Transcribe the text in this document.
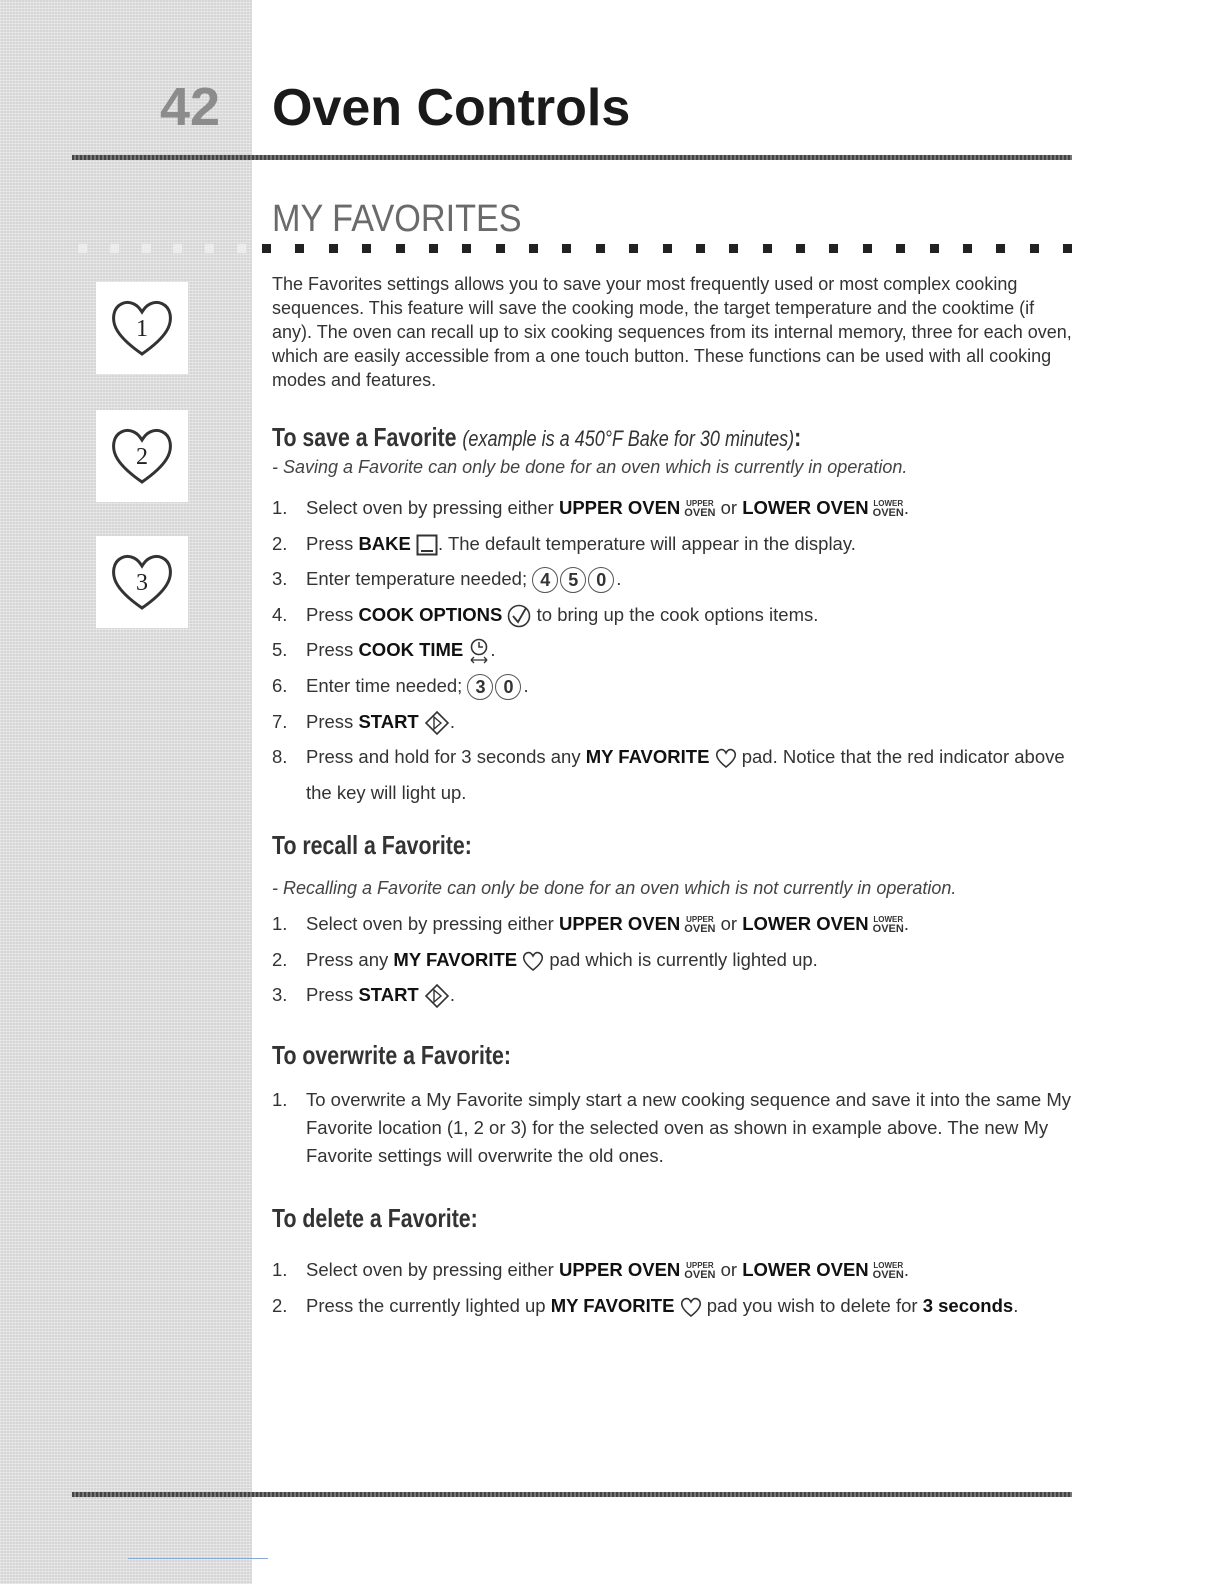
42 Oven Controls
MY FAVORITES
1
2
3
The Favorites settings allows you to save your most frequently used or most complex cooking sequences. This feature will save the cooking mode, the target temperature and the cooktime (if any). The oven can recall up to six cooking sequences from its internal memory, three for each oven, which are easily accessible from a one touch button. These functions can be used with all cooking modes and features.
To save a Favorite (example is a 450°F Bake for 30 minutes):
- Saving a Favorite can only be done for an oven which is currently in operation.
1. Select oven by pressing either UPPER OVEN UPPER
OVEN or LOWER OVEN LOWER
OVEN .
2. Press BAKE . The default temperature will appear in the display.
3. Enter temperature needed; 4 5 0 .
4. Press COOK OPTIONS  to bring up the cook options items.
5. Press COOK TIME .
6. Enter time needed; 3 0 .
7. Press START .
8. Press and hold for 3 seconds any MY FAVORITE  pad. Notice that the red indicator above the key will light up.
To recall a Favorite:
- Recalling a Favorite can only be done for an oven which is not currently in operation.
1. Select oven by pressing either UPPER OVEN UPPER
OVEN or LOWER OVEN LOWER
OVEN .
2. Press any MY FAVORITE  pad which is currently lighted up.
3. Press START .
To overwrite a Favorite:
1. To overwrite a My Favorite simply start a new cooking sequence and save it into the same My Favorite location (1, 2 or 3) for the selected oven as shown in example above. The new My Favorite settings will overwrite the old ones.
To delete a Favorite:
1. Select oven by pressing either UPPER OVEN UPPER
OVEN or LOWER OVEN LOWER
OVEN .
2. Press the currently lighted up MY FAVORITE  pad you wish to delete for 3 seconds.
